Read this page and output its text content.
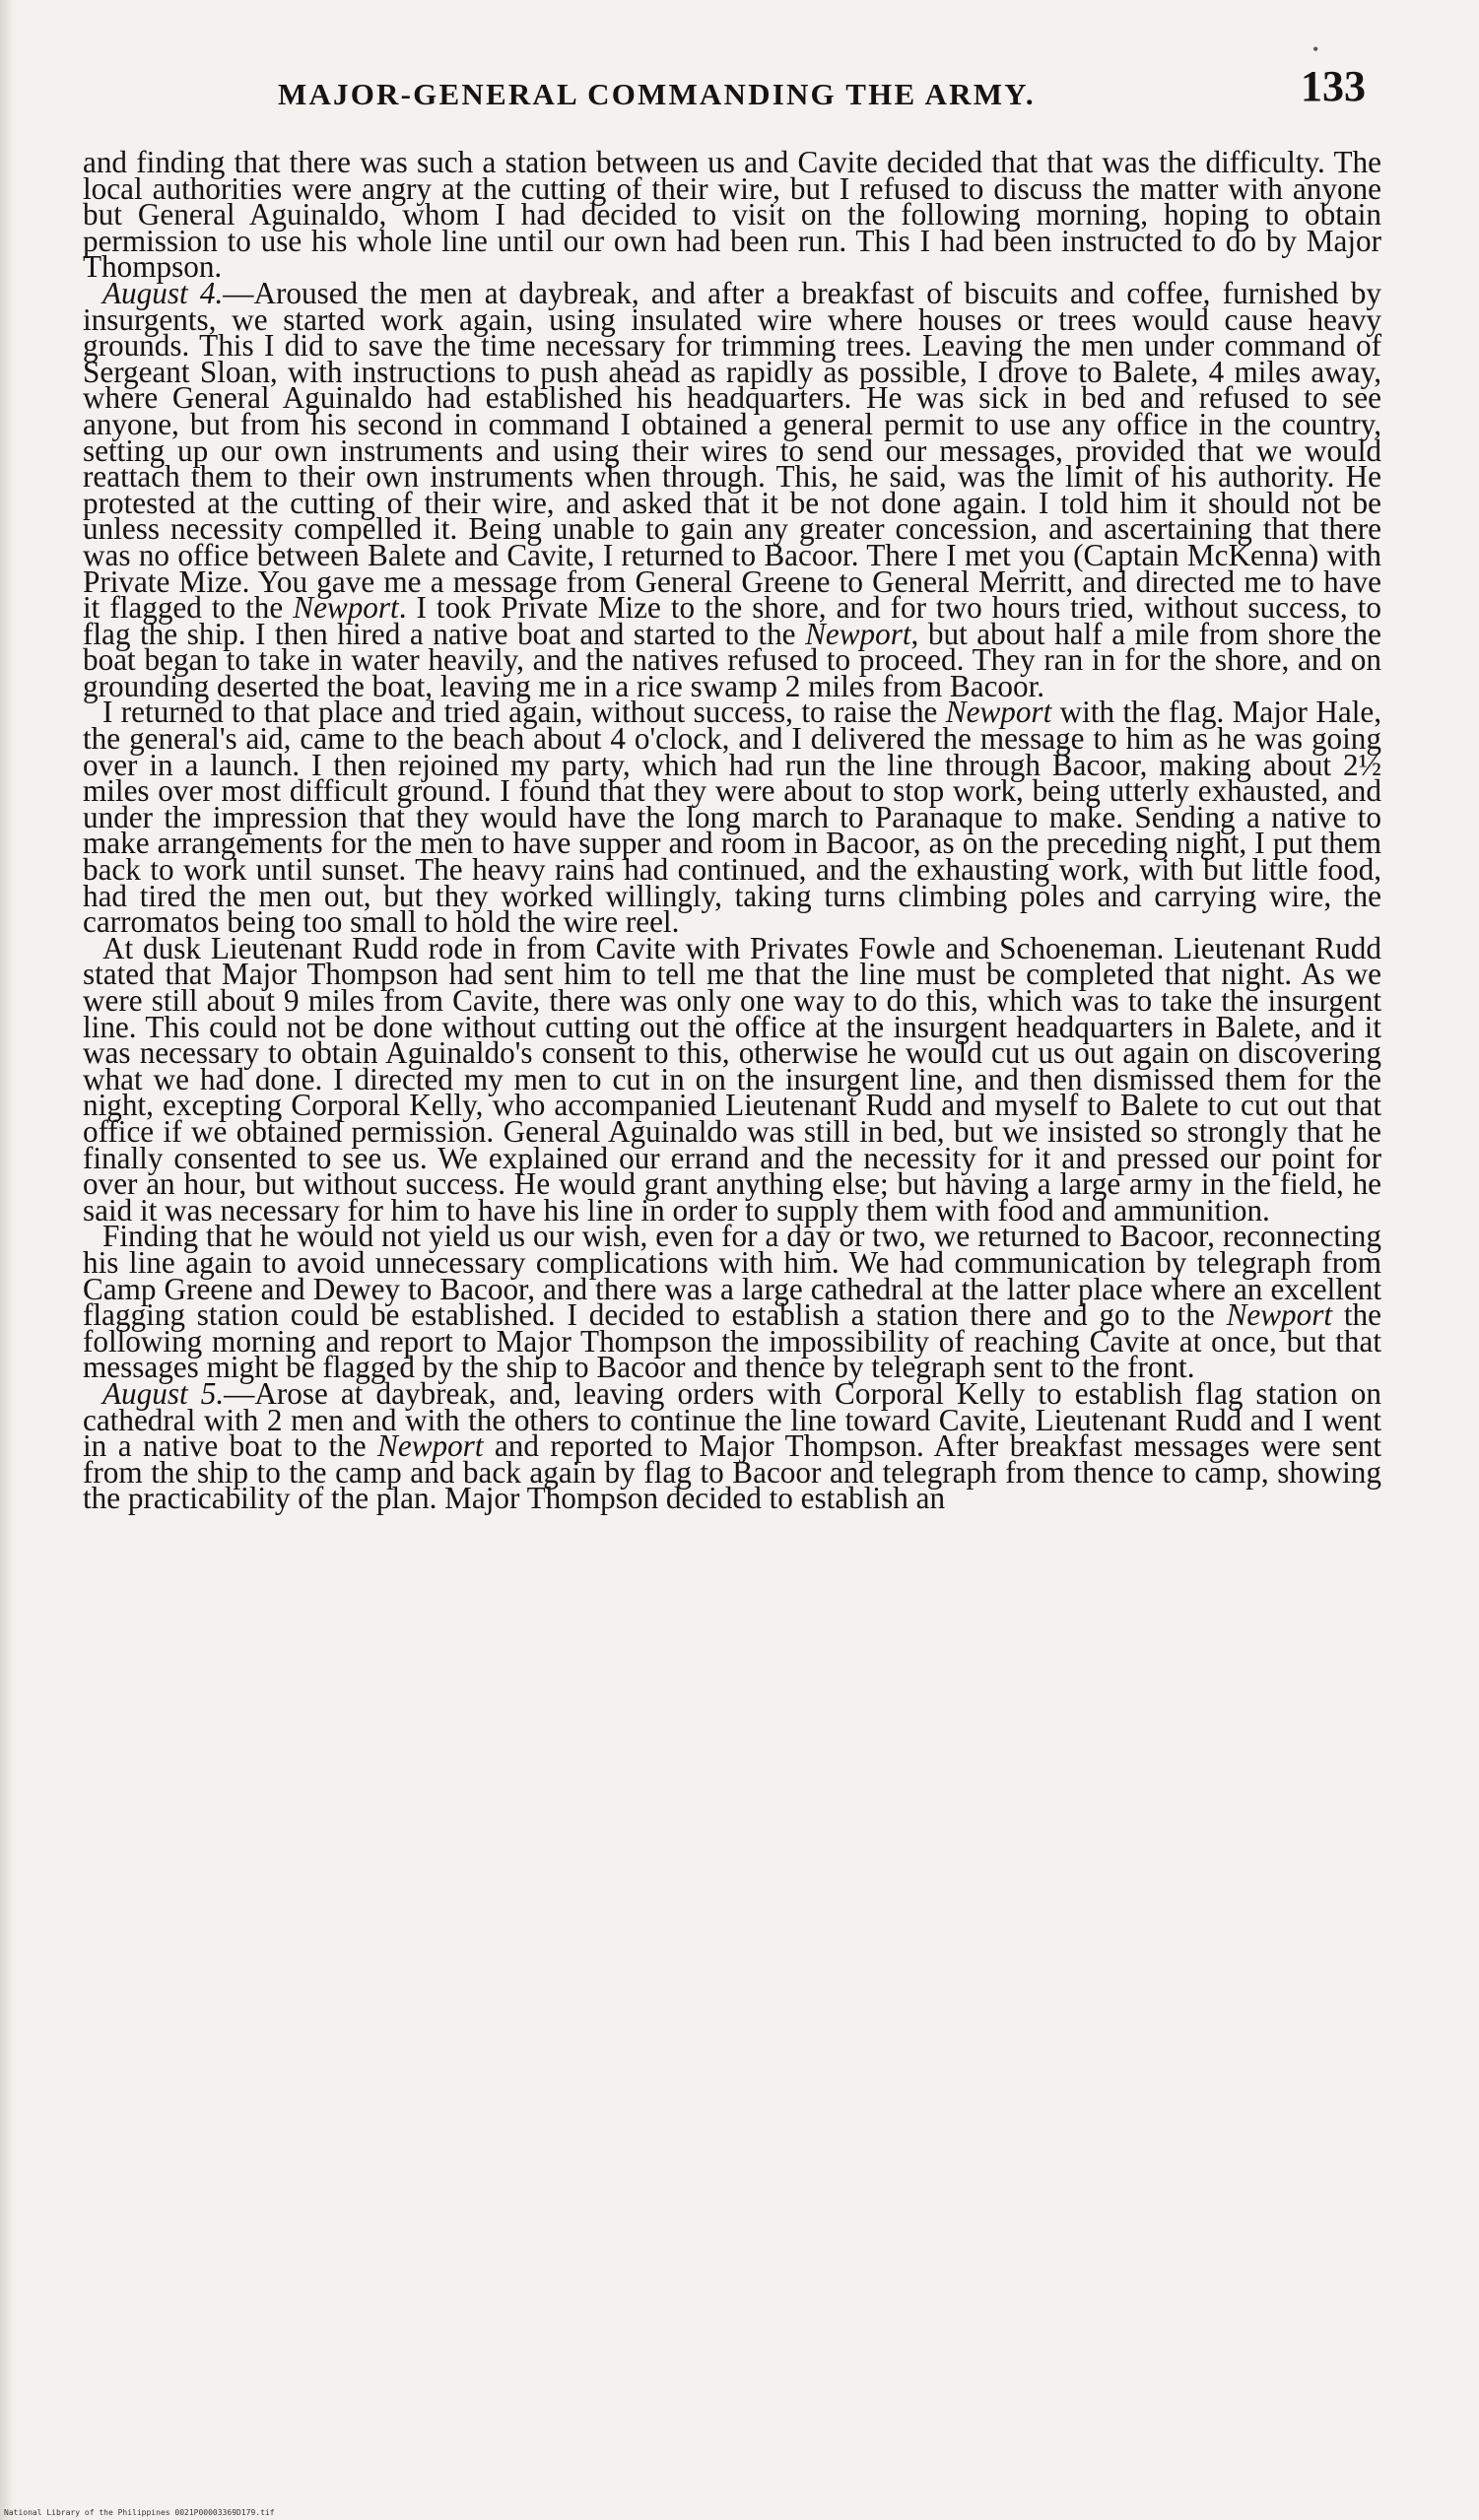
•
MAJOR-GENERAL COMMANDING THE ARMY.	133

and finding that there was such a station between us and Cavite decided that that was the difficulty. The local authorities were angry at the cutting of their wire, but I refused to discuss the matter with anyone but General Aguinaldo, whom I had decided to visit on the following morning, hoping to obtain permission to use his whole line until our own had been run. This I had been instructed to do by Major Thompson.

August 4.—Aroused the men at daybreak, and after a breakfast of biscuits and coffee, furnished by insurgents, we started work again, using insulated wire where houses or trees would cause heavy grounds. This I did to save the time necessary for trimming trees. Leaving the men under command of Sergeant Sloan, with instructions to push ahead as rapidly as possible, I drove to Balete, 4 miles away, where General Aguinaldo had established his headquarters. He was sick in bed and refused to see anyone, but from his second in command I obtained a general permit to use any office in the country, setting up our own instruments and using their wires to send our messages, provided that we would reattach them to their own instruments when through. This, he said, was the limit of his authority. He protested at the cutting of their wire, and asked that it be not done again. I told him it should not be unless necessity compelled it. Being unable to gain any greater concession, and ascertaining that there was no office between Balete and Cavite, I returned to Bacoor. There I met you (Captain McKenna) with Private Mize. You gave me a message from General Greene to General Merritt, and directed me to have it flagged to the Newport. I took Private Mize to the shore, and for two hours tried, without success, to flag the ship. I then hired a native boat and started to the Newport, but about half a mile from shore the boat began to take in water heavily, and the natives refused to proceed. They ran in for the shore, and on grounding deserted the boat, leaving me in a rice swamp 2 miles from Bacoor.

I returned to that place and tried again, without success, to raise the Newport with the flag. Major Hale, the general's aid, came to the beach about 4 o'clock, and I delivered the message to him as he was going over in a launch. I then rejoined my party, which had run the line through Bacoor, making about 2½ miles over most difficult ground. I found that they were about to stop work, being utterly exhausted, and under the impression that they would have the long march to Paranaque to make. Sending a native to make arrangements for the men to have supper and room in Bacoor, as on the preceding night, I put them back to work until sunset. The heavy rains had continued, and the exhausting work, with but little food, had tired the men out, but they worked willingly, taking turns climbing poles and carrying wire, the carromatos being too small to hold the wire reel.

At dusk Lieutenant Rudd rode in from Cavite with Privates Fowle and Schoeneman. Lieutenant Rudd stated that Major Thompson had sent him to tell me that the line must be completed that night. As we were still about 9 miles from Cavite, there was only one way to do this, which was to take the insurgent line. This could not be done without cutting out the office at the insurgent headquarters in Balete, and it was necessary to obtain Aguinaldo's consent to this, otherwise he would cut us out again on discovering what we had done. I directed my men to cut in on the insurgent line, and then dismissed them for the night, excepting Corporal Kelly, who accompanied Lieutenant Rudd and myself to Balete to cut out that office if we obtained permission. General Aguinaldo was still in bed, but we insisted so strongly that he finally consented to see us. We explained our errand and the necessity for it and pressed our point for over an hour, but without success. He would grant anything else; but having a large army in the field, he said it was necessary for him to have his line in order to supply them with food and ammunition.

Finding that he would not yield us our wish, even for a day or two, we returned to Bacoor, reconnecting his line again to avoid unnecessary complications with him. We had communication by telegraph from Camp Greene and Dewey to Bacoor, and there was a large cathedral at the latter place where an excellent flagging station could be established. I decided to establish a station there and go to the Newport the following morning and report to Major Thompson the impossibility of reaching Cavite at once, but that messages might be flagged by the ship to Bacoor and thence by telegraph sent to the front.

August 5.—Arose at daybreak, and, leaving orders with Corporal Kelly to establish flag station on cathedral with 2 men and with the others to continue the line toward Cavite, Lieutenant Rudd and I went in a native boat to the Newport and reported to Major Thompson. After breakfast messages were sent from the ship to the camp and back again by flag to Bacoor and telegraph from thence to camp, showing the practicability of the plan. Major Thompson decided to establish an

National Library of the Philippines 0021P00003369D179.tif
